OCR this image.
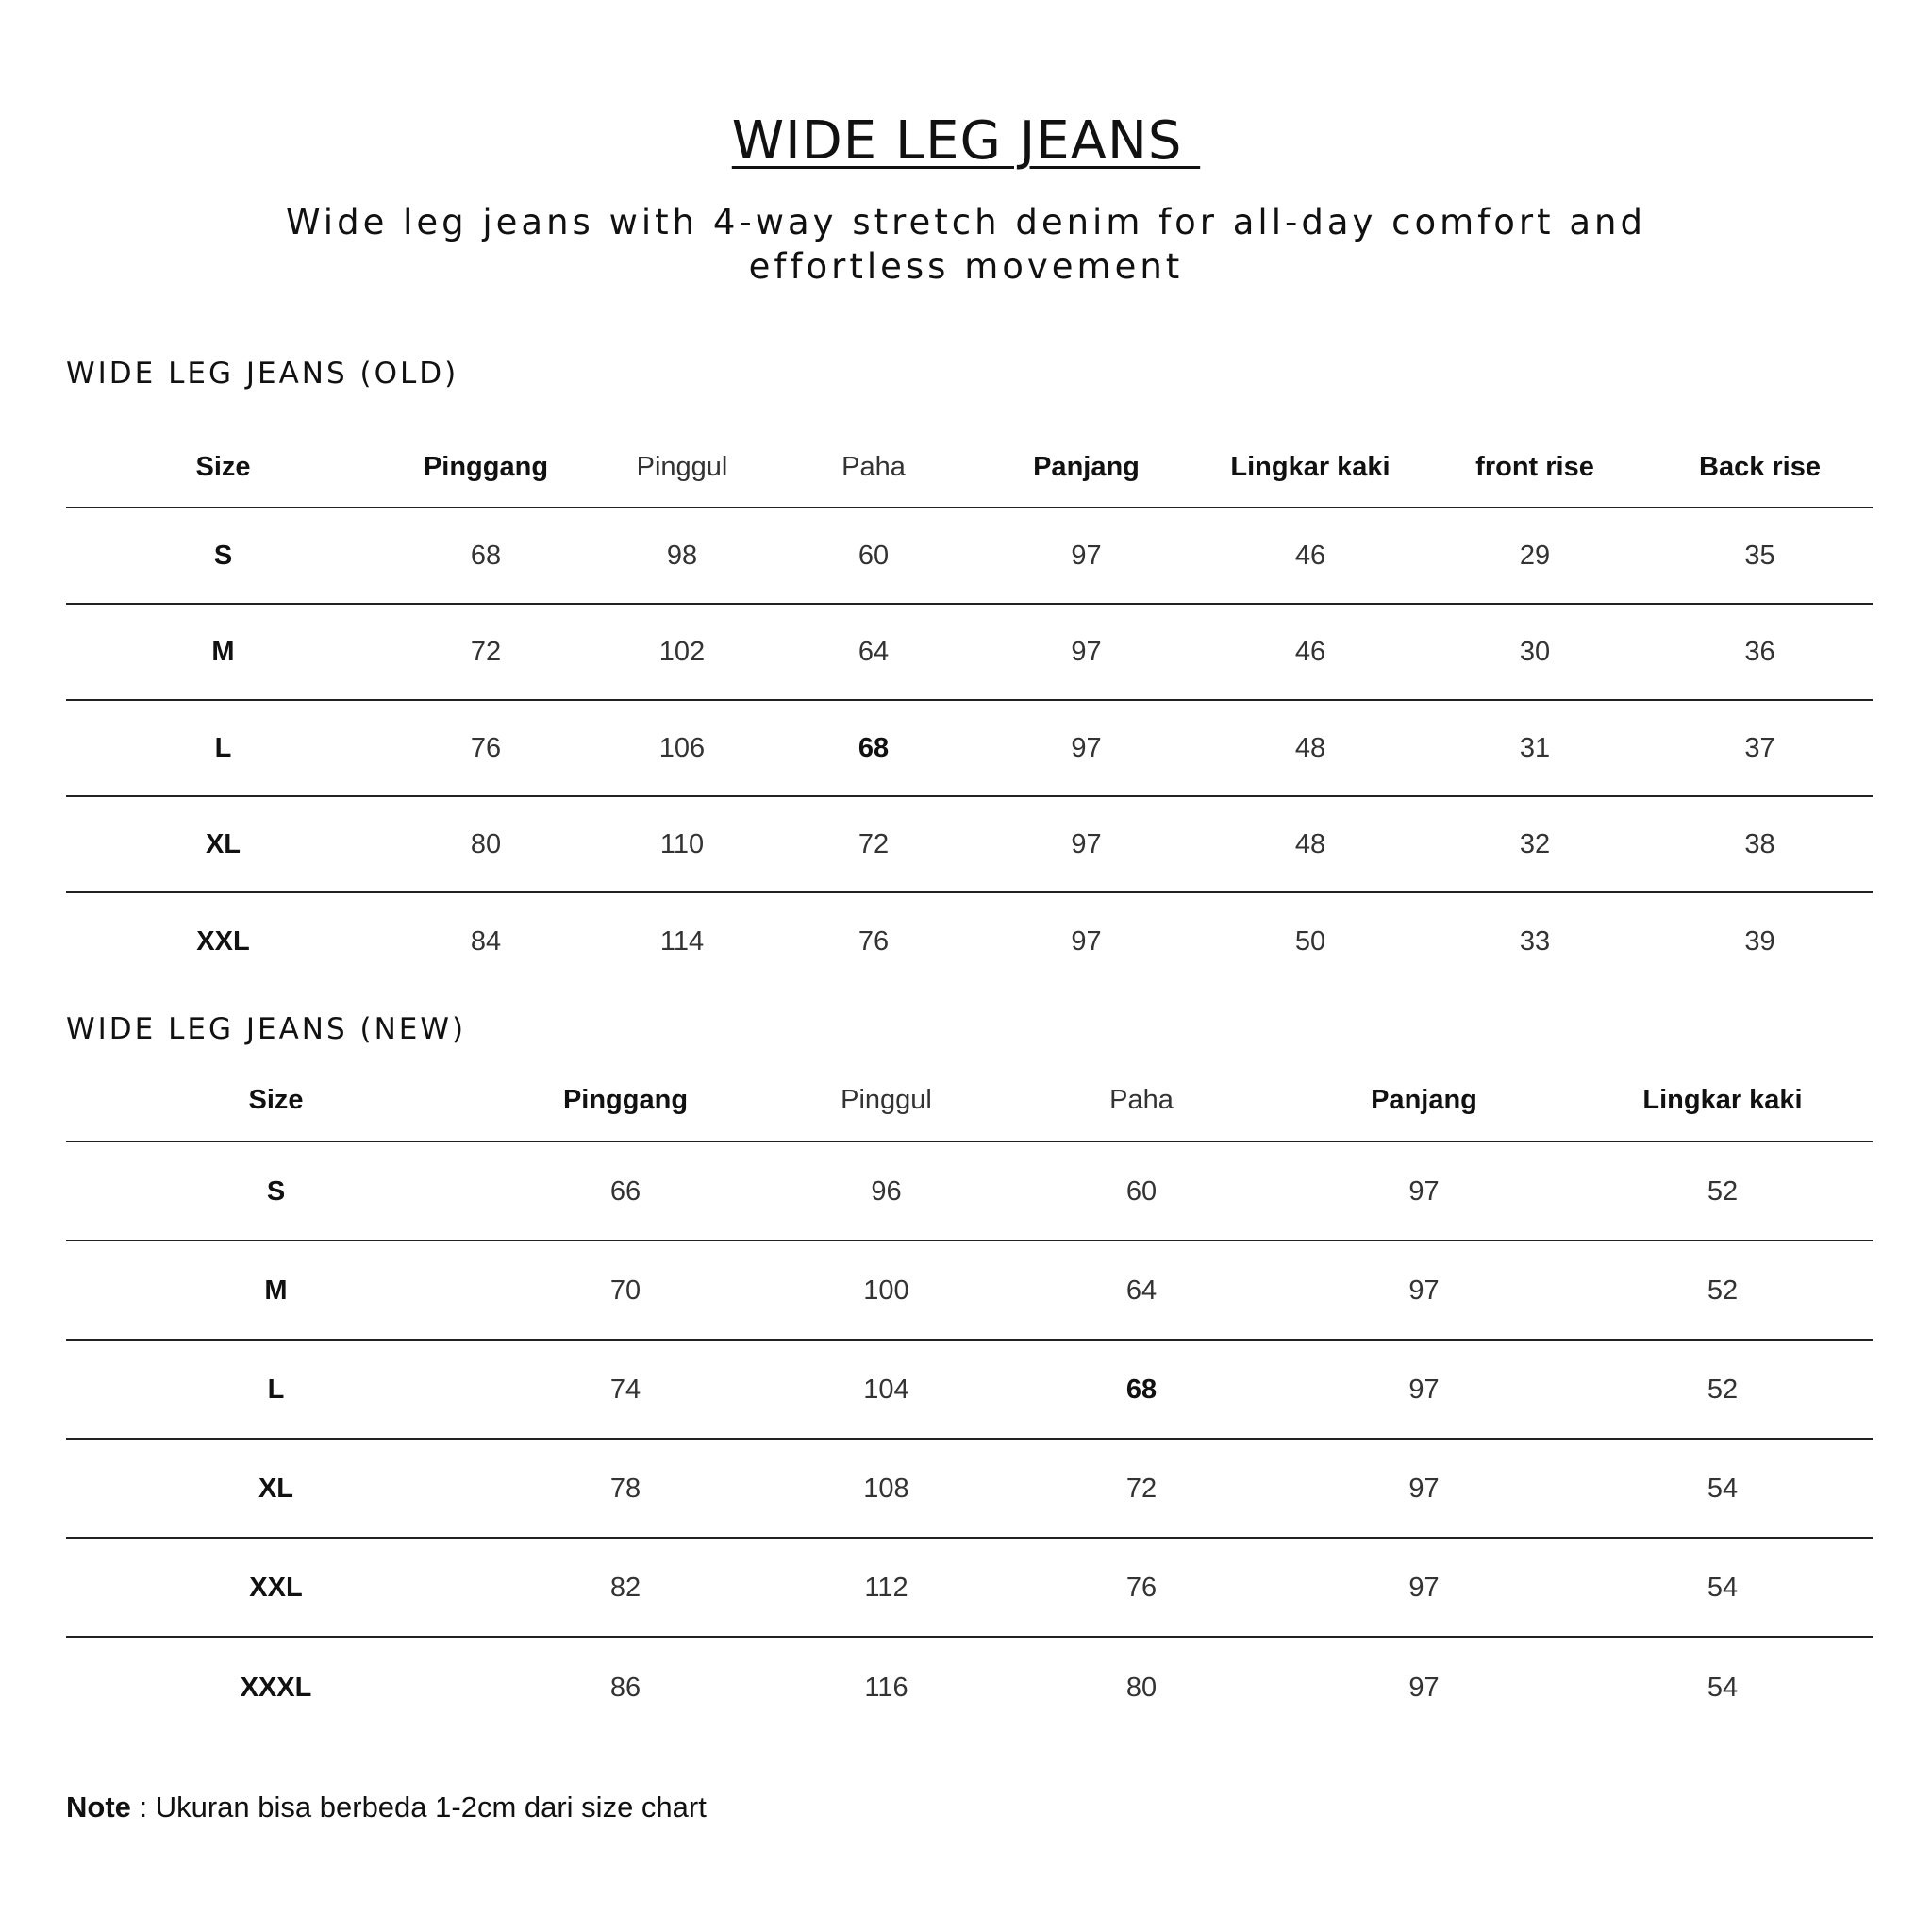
WIDE LEG JEANS
Wide leg jeans with 4-way stretch denim for all-day comfort and effortless movement
WIDE LEG JEANS (OLD)
Size	Pinggang	Pinggul	Paha	Panjang	Lingkar kaki	front rise	Back rise
S	68	98	60	97	46	29	35
M	72	102	64	97	46	30	36
L	76	106	68	97	48	31	37
XL	80	110	72	97	48	32	38
XXL	84	114	76	97	50	33	39
WIDE LEG JEANS (NEW)
Size	Pinggang	Pinggul	Paha	Panjang	Lingkar kaki
S	66	96	60	97	52
M	70	100	64	97	52
L	74	104	68	97	52
XL	78	108	72	97	54
XXL	82	112	76	97	54
XXXL	86	116	80	97	54
Note : Ukuran bisa berbeda 1-2cm dari size chart
